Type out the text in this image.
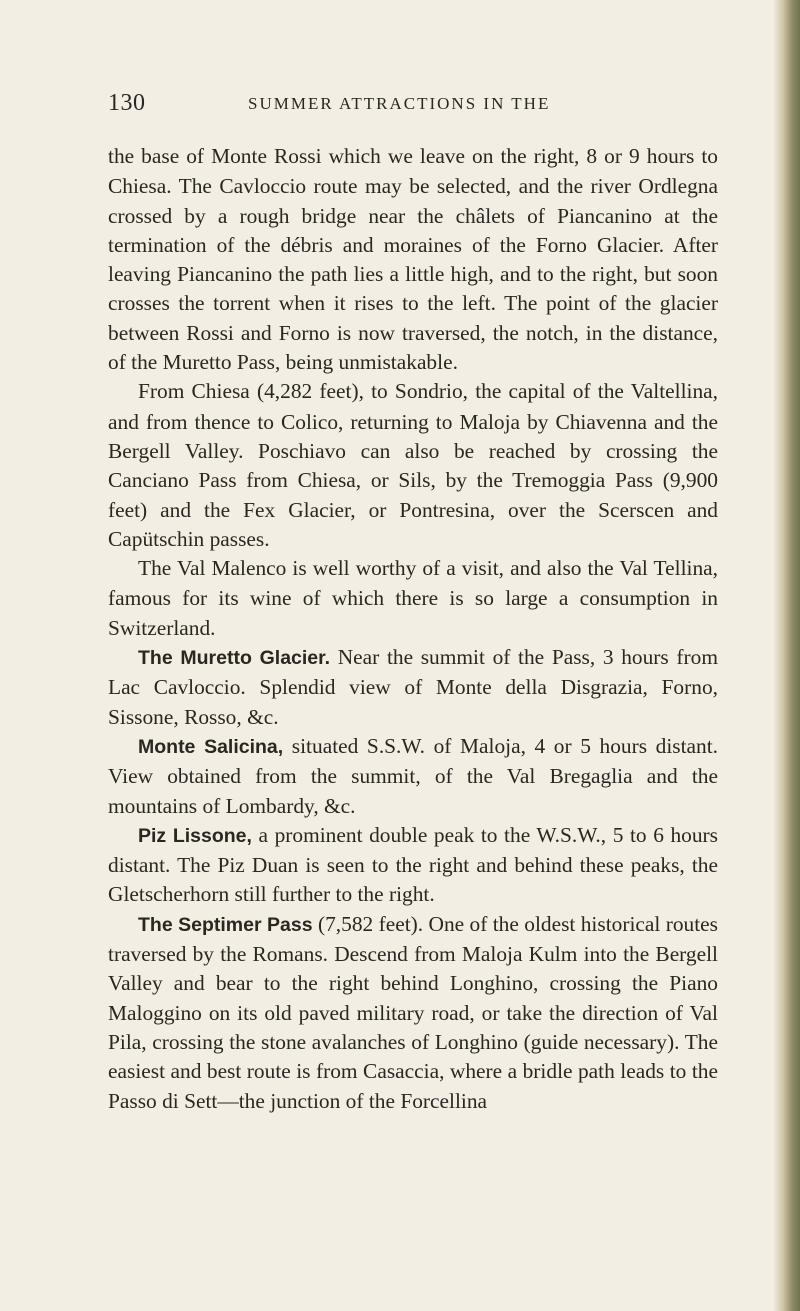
130	SUMMER ATTRACTIONS IN THE

the base of Monte Rossi which we leave on the right, 8 or 9 hours to Chiesa. The Cavloccio route may be selected, and the river Ordlegna crossed by a rough bridge near the châlets of Piancanino at the termination of the débris and moraines of the Forno Glacier. After leaving Piancanino the path lies a little high, and to the right, but soon crosses the torrent when it rises to the left. The point of the glacier between Rossi and Forno is now traversed, the notch, in the distance, of the Muretto Pass, being unmistakable.

From Chiesa (4,282 feet), to Sondrio, the capital of the Valtellina, and from thence to Colico, returning to Maloja by Chiavenna and the Bergell Valley. Poschiavo can also be reached by crossing the Canciano Pass from Chiesa, or Sils, by the Tremoggia Pass (9,900 feet) and the Fex Glacier, or Pontresina, over the Scerscen and Capütschin passes.

The Val Malenco is well worthy of a visit, and also the Val Tellina, famous for its wine of which there is so large a consumption in Switzerland.

The Muretto Glacier. Near the summit of the Pass, 3 hours from Lac Cavloccio. Splendid view of Monte della Disgrazia, Forno, Sissone, Rosso, &c.

Monte Salicina, situated S.S.W. of Maloja, 4 or 5 hours distant. View obtained from the summit, of the Val Bregaglia and the mountains of Lombardy, &c.

Piz Lissone, a prominent double peak to the W.S.W., 5 to 6 hours distant. The Piz Duan is seen to the right and behind these peaks, the Gletscherhorn still further to the right.

The Septimer Pass (7,582 feet). One of the oldest historical routes traversed by the Romans. Descend from Maloja Kulm into the Bergell Valley and bear to the right behind Longhino, crossing the Piano Maloggino on its old paved military road, or take the direction of Val Pila, crossing the stone avalanches of Longhino (guide necessary). The easiest and best route is from Casaccia, where a bridle path leads to the Passo di Sett—the junction of the Forcellina
